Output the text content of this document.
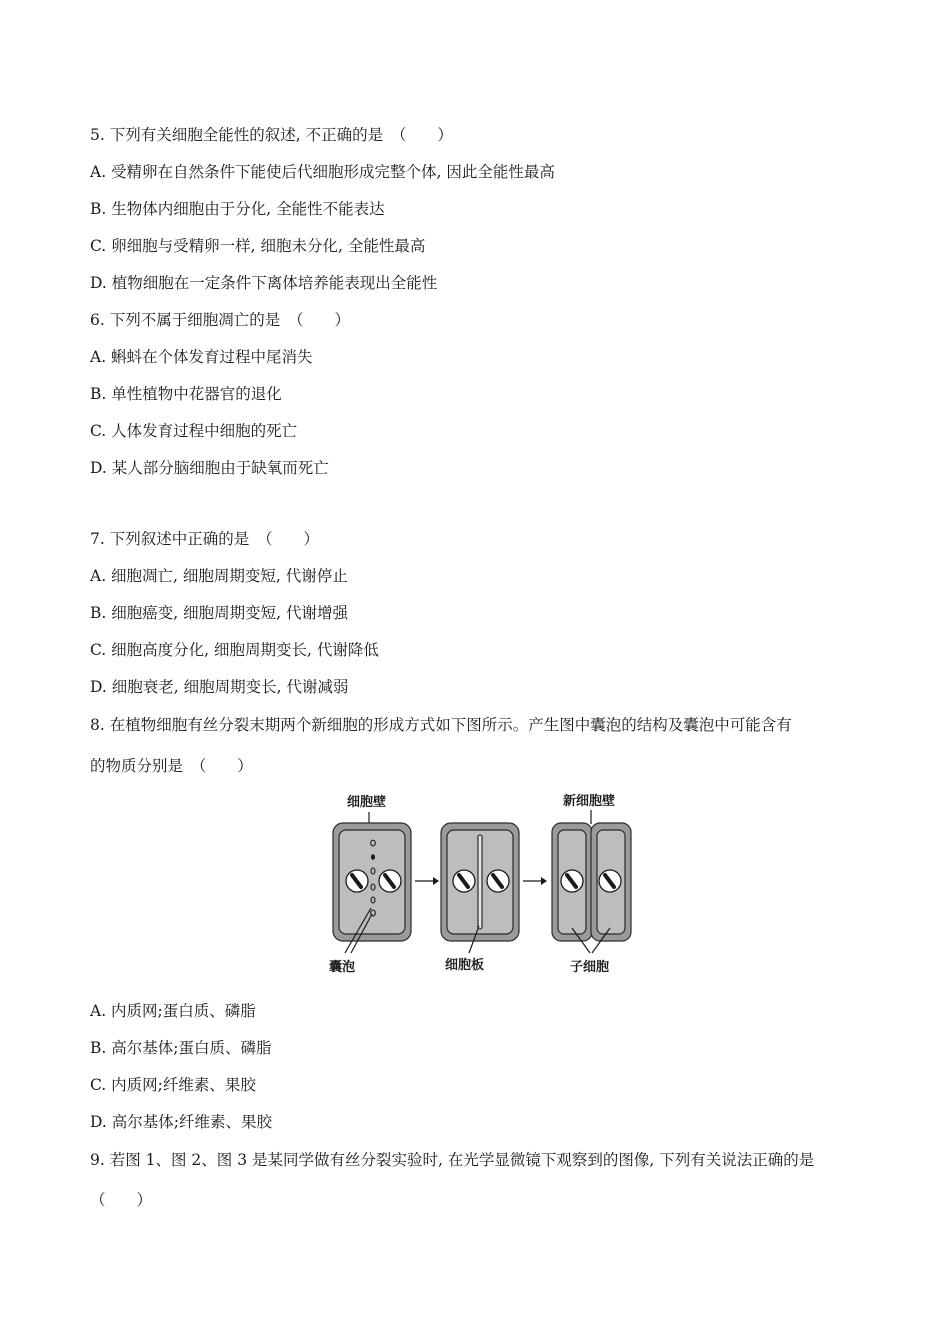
5. 下列有关细胞全能性的叙述, 不正确的是　（　　）
A. 受精卵在自然条件下能使后代细胞形成完整个体, 因此全能性最高
B. 生物体内细胞由于分化, 全能性不能表达
C. 卵细胞与受精卵一样, 细胞未分化, 全能性最高
D. 植物细胞在一定条件下离体培养能表现出全能性
6. 下列不属于细胞凋亡的是　（　　）
A. 蝌蚪在个体发育过程中尾消失
B. 单性植物中花器官的退化
C. 人体发育过程中细胞的死亡
D. 某人部分脑细胞由于缺氧而死亡
7. 下列叙述中正确的是　（　　）
A. 细胞凋亡, 细胞周期变短, 代谢停止
B. 细胞癌变, 细胞周期变短, 代谢增强
C. 细胞高度分化, 细胞周期变长, 代谢降低
D. 细胞衰老, 细胞周期变长, 代谢减弱
8. 在植物细胞有丝分裂末期两个新细胞的形成方式如下图所示。产生图中囊泡的结构及囊泡中可能含有
的物质分别是　（　　）
细胞壁	新细胞壁
囊泡	细胞板	子细胞
A. 内质网;蛋白质、磷脂
B. 高尔基体;蛋白质、磷脂
C. 内质网;纤维素、果胶
D. 高尔基体;纤维素、果胶
9. 若图 1、图 2、图 3 是某同学做有丝分裂实验时, 在光学显微镜下观察到的图像, 下列有关说法正确的是
（　　）
